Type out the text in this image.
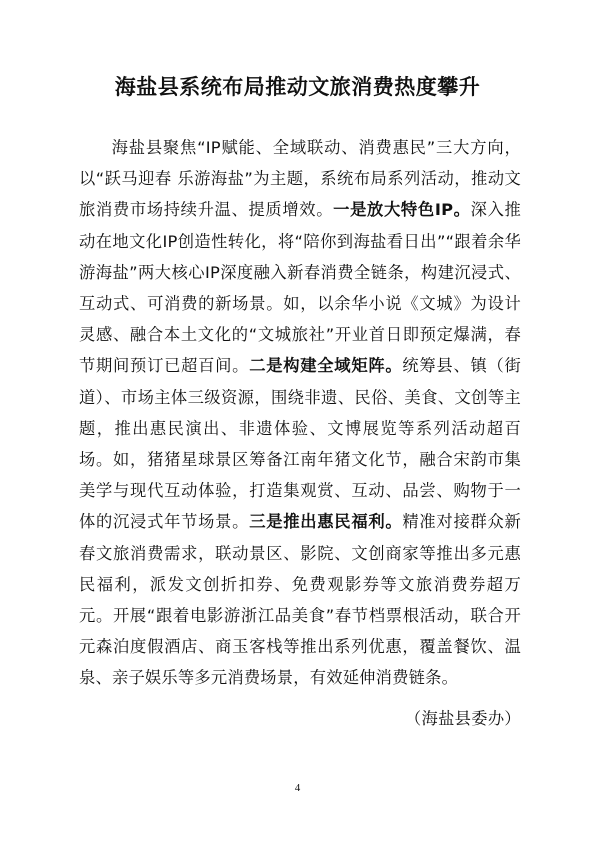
海盐县系统布局推动文旅消费热度攀升

海盐县聚焦“IP赋能、全域联动、消费惠民”三大方向，以“跃马迎春 乐游海盐”为主题，系统布局系列活动，推动文旅消费市场持续升温、提质增效。一是放大特色IP。深入推动在地文化IP创造性转化，将“陪你到海盐看日出”“跟着余华游海盐”两大核心IP深度融入新春消费全链条，构建沉浸式、互动式、可消费的新场景。如，以余华小说《文城》为设计灵感、融合本土文化的“文城旅社”开业首日即预定爆满，春节期间预订已超百间。二是构建全域矩阵。统筹县、镇（街道）、市场主体三级资源，围绕非遗、民俗、美食、文创等主题，推出惠民演出、非遗体验、文博展览等系列活动超百场。如，猪猪星球景区筹备江南年猪文化节，融合宋韵市集美学与现代互动体验，打造集观赏、互动、品尝、购物于一体的沉浸式年节场景。三是推出惠民福利。精准对接群众新春文旅消费需求，联动景区、影院、文创商家等推出多元惠民福利，派发文创折扣券、免费观影券等文旅消费券超万元。开展“跟着电影游浙江品美食”春节档票根活动，联合开元森泊度假酒店、商玉客栈等推出系列优惠，覆盖餐饮、温泉、亲子娱乐等多元消费场景，有效延伸消费链条。

（海盐县委办）
4
